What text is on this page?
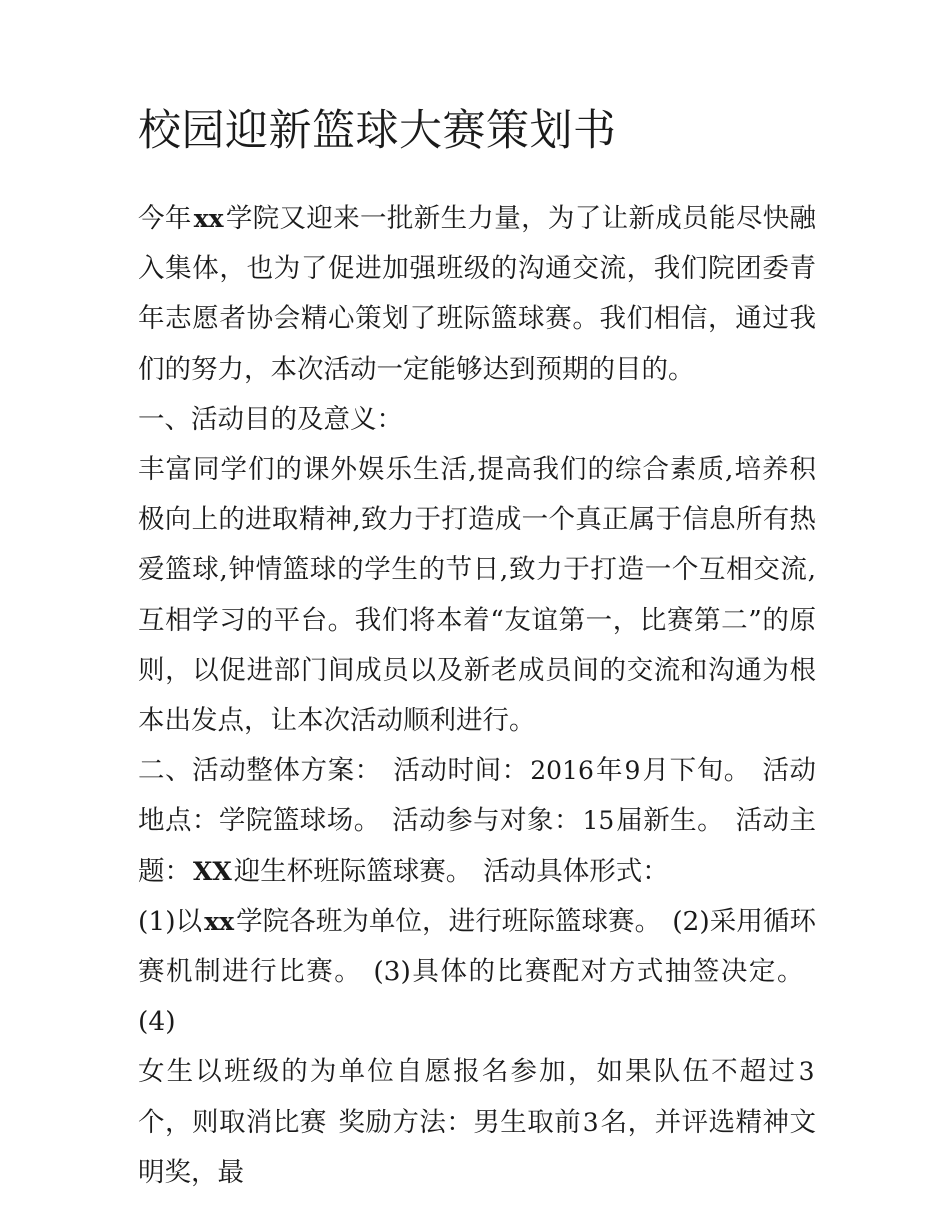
校园迎新篮球大赛策划书

今年xx学院又迎来一批新生力量，为了让新成员能尽快融入集体，也为了促进加强班级的沟通交流，我们院团委青年志愿者协会精心策划了班际篮球赛。我们相信，通过我们的努力，本次活动一定能够达到预期的目的。

一、活动目的及意义：

丰富同学们的课外娱乐生活,提高我们的综合素质,培养积极向上的进取精神,致力于打造成一个真正属于信息所有热爱篮球,钟情篮球的学生的节日,致力于打造一个互相交流,互相学习的平台。我们将本着“友谊第一，比赛第二”的原则，以促进部门间成员以及新老成员间的交流和沟通为根本出发点，让本次活动顺利进行。

二、活动整体方案： 活动时间：2016年9月下旬。 活动地点：学院篮球场。 活动参与对象：15届新生。 活动主题：XX迎生杯班际篮球赛。 活动具体形式：

(1)以xx学院各班为单位，进行班际篮球赛。 (2)采用循环赛机制进行比赛。 (3)具体的比赛配对方式抽签决定。(4)

女生以班级的为单位自愿报名参加，如果队伍不超过3个，则取消比赛 奖励方法：男生取前3名，并评选精神文明奖，最
